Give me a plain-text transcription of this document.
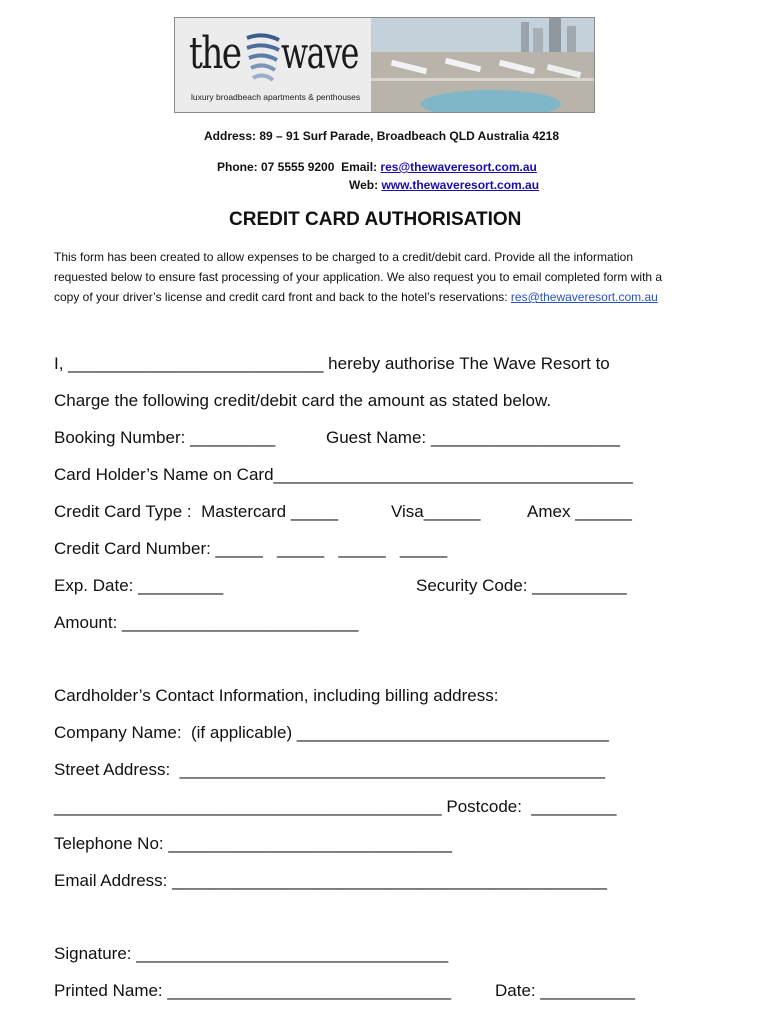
the wave
luxury broadbeach apartments & penthouses
Address: 89 – 91 Surf Parade, Broadbeach QLD Australia 4218
Phone: 07 5555 9200  Email: res@thewaveresort.com.au
Web: www.thewaveresort.com.au
CREDIT CARD AUTHORISATION
This form has been created to allow expenses to be charged to a credit/debit card. Provide all the information
requested below to ensure fast processing of your application. We also request you to email completed form with a
copy of your driver’s license and credit card front and back to the hotel’s reservations: res@thewaveresort.com.au
I, ___________________________ hereby authorise The Wave Resort to
Charge the following credit/debit card the amount as stated below.
Booking Number: _________	Guest Name: ____________________
Card Holder’s Name on Card______________________________________
Credit Card Type :  Mastercard _____	Visa______	Amex ______
Credit Card Number: _____   _____   _____   _____
Exp. Date: _________	Security Code: __________
Amount: _________________________
Cardholder’s Contact Information, including billing address:
Company Name:  (if applicable) _________________________________
Street Address:  _____________________________________________
_________________________________________ Postcode:  _________
Telephone No: ______________________________
Email Address: ______________________________________________
Signature: _________________________________
Printed Name: ______________________________	Date: __________
